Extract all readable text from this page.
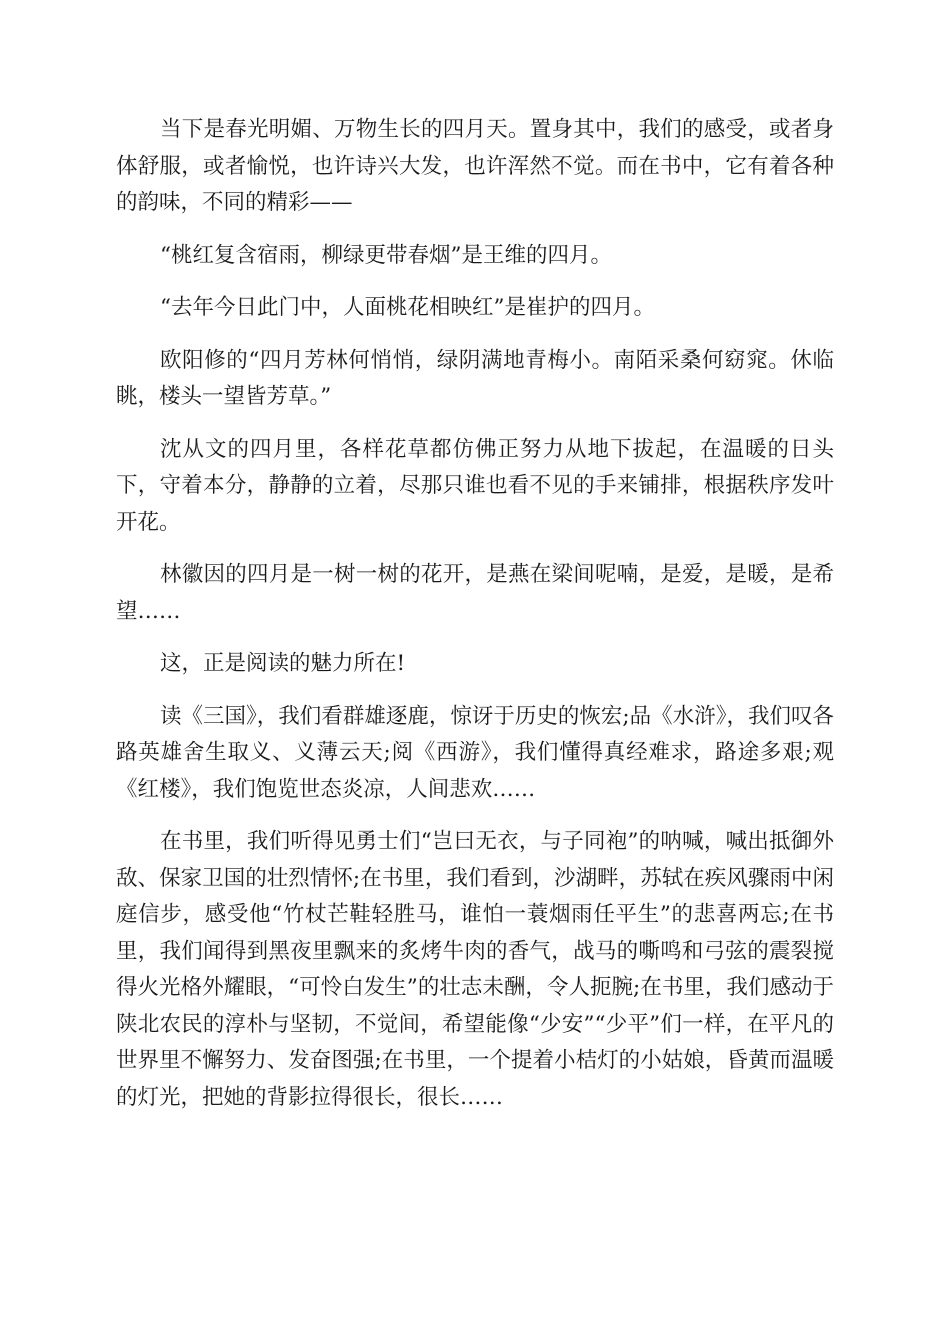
当下是春光明媚、万物生长的四月天。置身其中，我们的感受，或者身体舒服，或者愉悦，也许诗兴大发，也许浑然不觉。而在书中，它有着各种的韵味，不同的精彩——

“桃红复含宿雨，柳绿更带春烟”是王维的四月。

“去年今日此门中，人面桃花相映红”是崔护的四月。

欧阳修的“四月芳林何悄悄，绿阴满地青梅小。南陌采桑何窈窕。休临眺，楼头一望皆芳草。”

沈从文的四月里，各样花草都仿佛正努力从地下拔起，在温暖的日头下，守着本分，静静的立着，尽那只谁也看不见的手来铺排，根据秩序发叶开花。

林徽因的四月是一树一树的花开，是燕在梁间呢喃，是爱，是暖，是希望……

这，正是阅读的魅力所在!

读《三国》，我们看群雄逐鹿，惊讶于历史的恢宏;品《水浒》，我们叹各路英雄舍生取义、义薄云天;阅《西游》，我们懂得真经难求，路途多艰;观《红楼》，我们饱览世态炎凉，人间悲欢……

在书里，我们听得见勇士们“岂曰无衣，与子同袍”的呐喊，喊出抵御外敌、保家卫国的壮烈情怀;在书里，我们看到，沙湖畔，苏轼在疾风骤雨中闲庭信步，感受他“竹杖芒鞋轻胜马，谁怕一蓑烟雨任平生”的悲喜两忘;在书里，我们闻得到黑夜里飘来的炙烤牛肉的香气，战马的嘶鸣和弓弦的震裂搅得火光格外耀眼，“可怜白发生”的壮志未酬，令人扼腕;在书里，我们感动于陕北农民的淳朴与坚韧，不觉间，希望能像“少安”“少平”们一样，在平凡的世界里不懈努力、发奋图强;在书里，一个提着小桔灯的小姑娘，昏黄而温暖的灯光，把她的背影拉得很长，很长……
